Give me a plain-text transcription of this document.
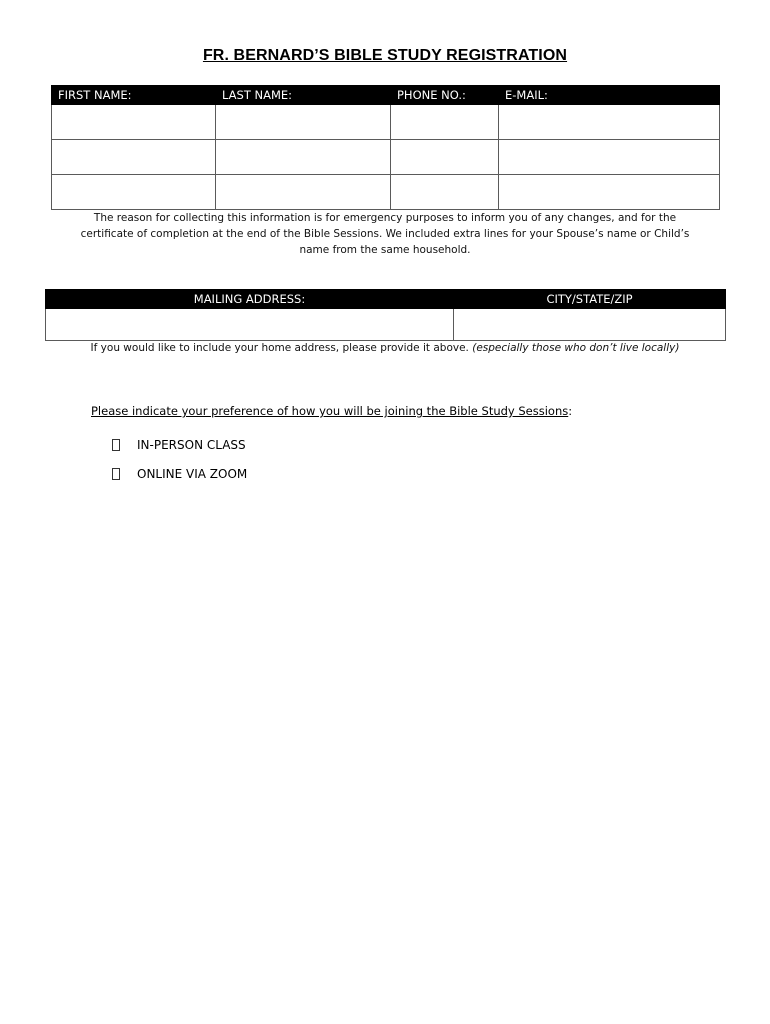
FR. BERNARD’S BIBLE STUDY REGISTRATION
FIRST NAME:	LAST NAME:	PHONE NO.:	E-MAIL:

The reason for collecting this information is for emergency purposes to inform you of any changes, and for the certificate of completion at the end of the Bible Sessions. We included extra lines for your Spouse’s name or Child’s name from the same household.
MAILING ADDRESS:	CITY/STATE/ZIP

If you would like to include your home address, please provide it above. (especially those who don’t live locally)
Please indicate your preference of how you will be joining the Bible Study Sessions:
IN-PERSON CLASS
ONLINE VIA ZOOM
